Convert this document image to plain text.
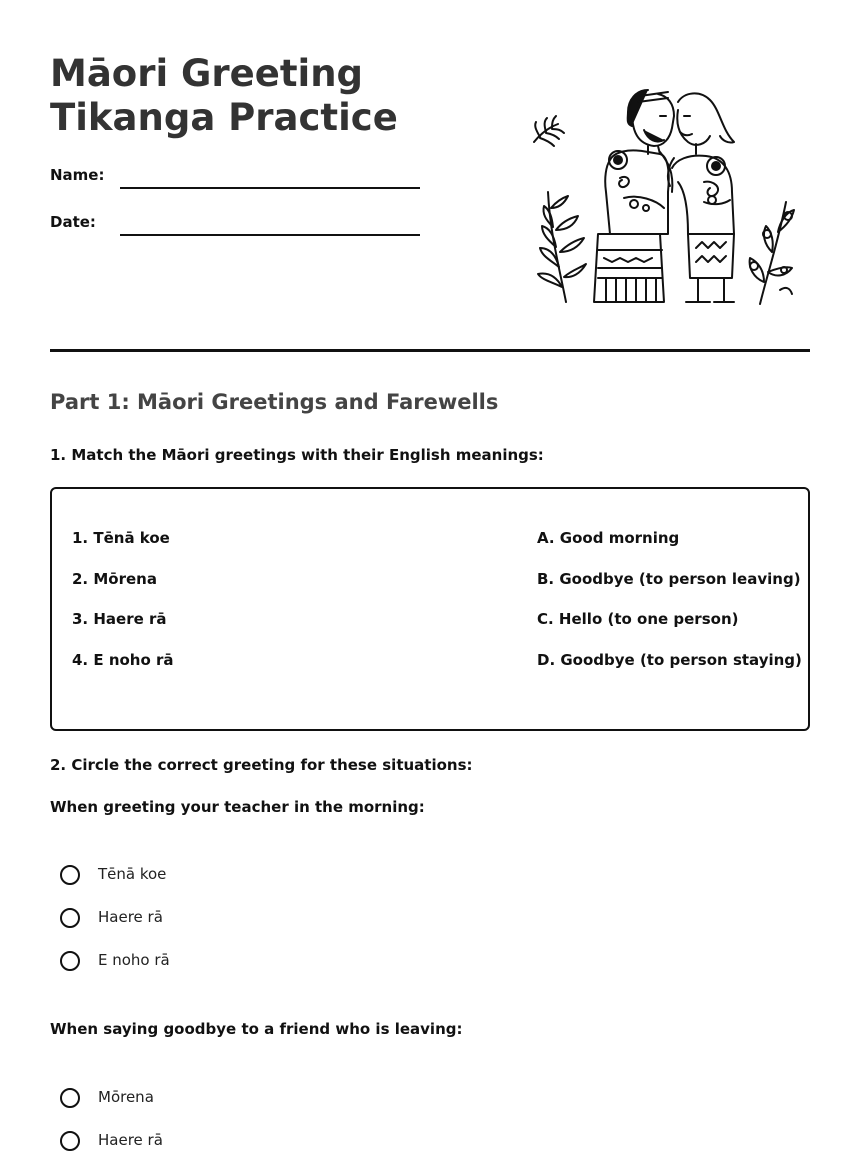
Māori Greeting Tikanga Practice
Name:
Date:
Part 1: Māori Greetings and Farewells

1. Match the Māori greetings with their English meanings:

1. Tēnā koe
2. Mōrena
3. Haere rā
4. E noho rā
A. Good morning
B. Goodbye (to person leaving)
C. Hello (to one person)
D. Goodbye (to person staying)

2. Circle the correct greeting for these situations:

When greeting your teacher in the morning:

Tēnā koe
Haere rā
E noho rā

When saying goodbye to a friend who is leaving:

Mōrena
Haere rā
